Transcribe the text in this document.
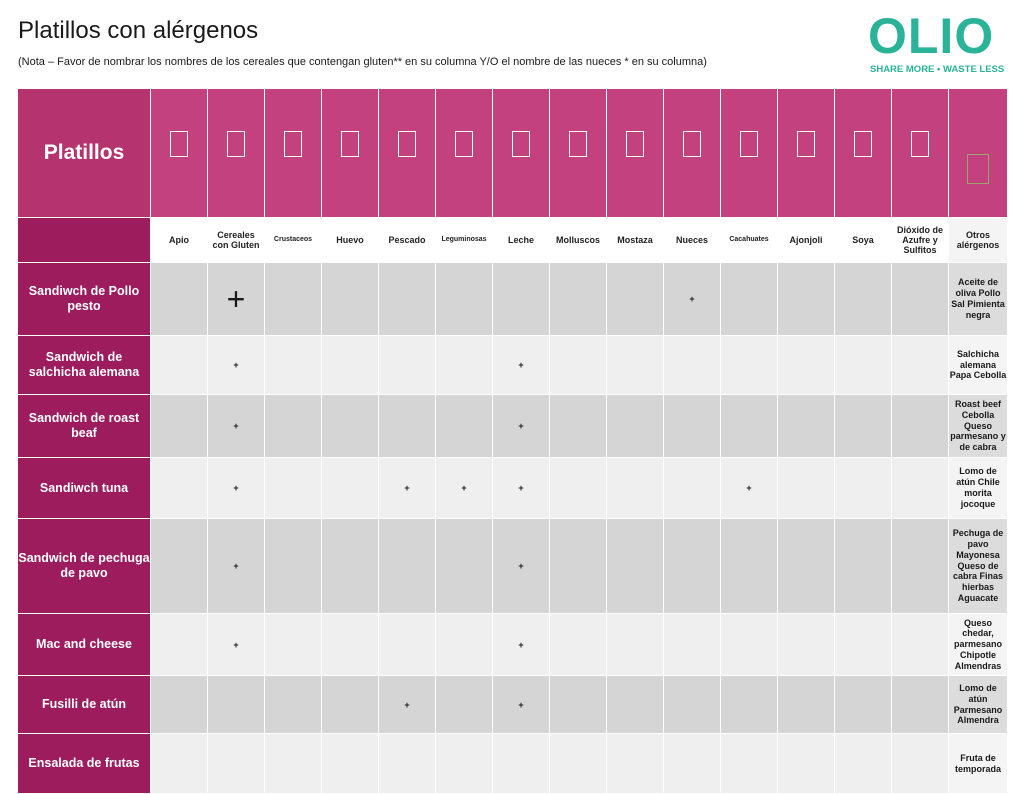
Platillos con alérgenos
(Nota – Favor de nombrar los nombres de los cereales que contengan gluten** en su columna Y/O el nombre de las nueces * en su columna)	OLIO
SHARE MORE • WASTE LESS
Platillos															
	Apio	Cereales con Gluten	Crustaceos	Huevo	Pescado	Leguminosas	Leche	Molluscos	Mostaza	Nueces	Cacahuates	Ajonjoli	Soya	Dióxido de Azufre y Sulfitos	Otros alérgenos
Sandiwch de Pollo pesto		+								+					Aceite de oliva Pollo Sal Pimienta negra
Sandwich de salchicha alemana		+					+								Salchicha alemana Papa Cebolla
Sandwich de roast beaf		+					+								Roast beef Cebolla Queso parmesano y de cabra
Sandiwch tuna		+			+	+	+				+				Lomo de atún Chile morita jocoque
Sandwich de pechuga de pavo		+					+								Pechuga de pavo Mayonesa Queso de cabra Finas hierbas Aguacate
Mac and cheese		+					+								Queso chedar, parmesano Chipotle Almendras
Fusilli de atún					+		+								Lomo de atún Parmesano Almendra
Ensalada de frutas															Fruta de temporada
